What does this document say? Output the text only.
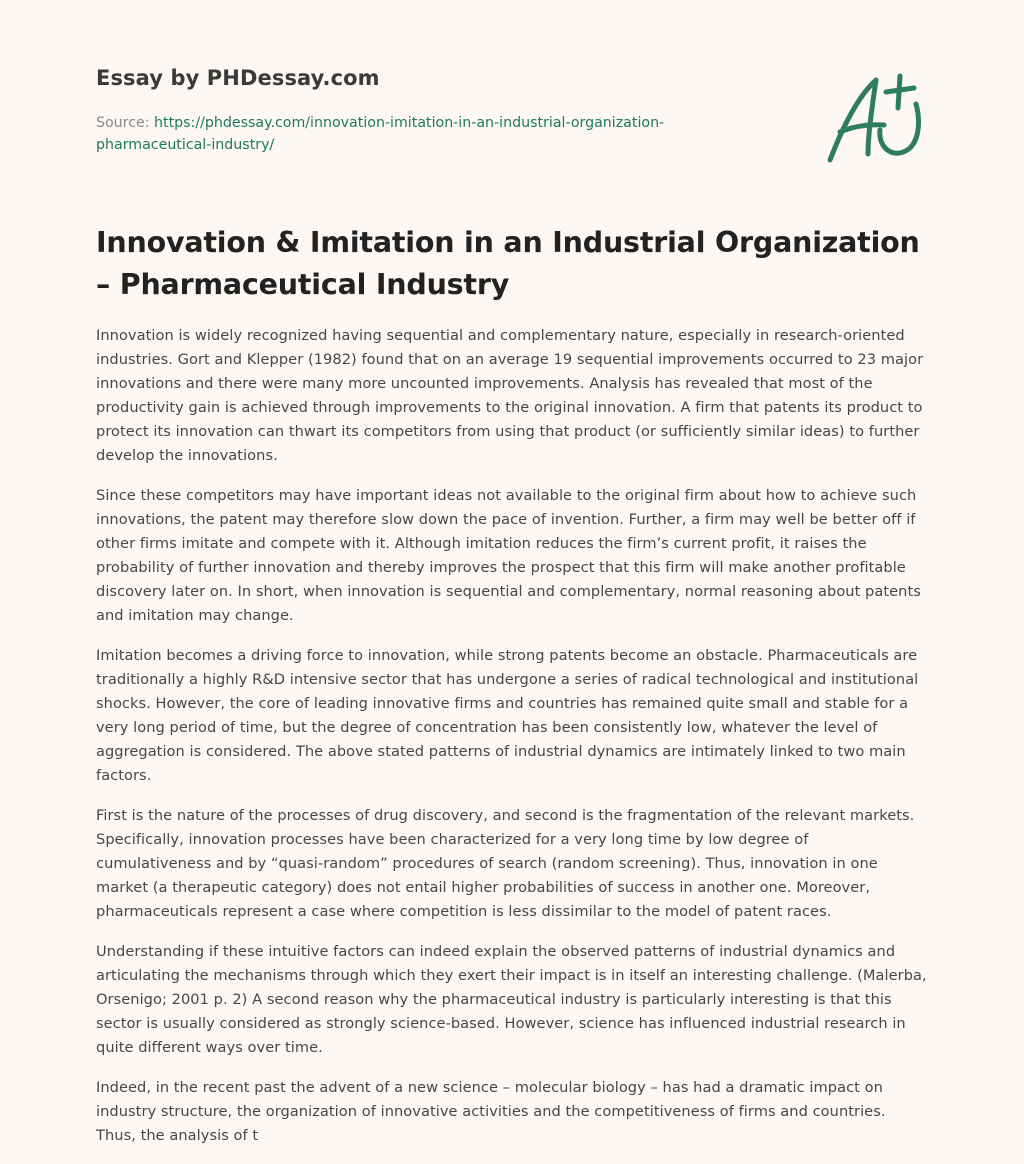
Essay by PHDessay.com
Source: https://phdessay.com/innovation-imitation-in-an-industrial-organization-pharmaceutical-industry/
Innovation & Imitation in an Industrial Organization – Pharmaceutical Industry

Innovation is widely recognized having sequential and complementary nature, especially in research-oriented industries. Gort and Klepper (1982) found that on an average 19 sequential improvements occurred to 23 major innovations and there were many more uncounted improvements. Analysis has revealed that most of the productivity gain is achieved through improvements to the original innovation. A firm that patents its product to protect its innovation can thwart its competitors from using that product (or sufficiently similar ideas) to further develop the innovations.

Since these competitors may have important ideas not available to the original firm about how to achieve such innovations, the patent may therefore slow down the pace of invention. Further, a firm may well be better off if other firms imitate and compete with it. Although imitation reduces the firm’s current profit, it raises the probability of further innovation and thereby improves the prospect that this firm will make another profitable discovery later on. In short, when innovation is sequential and complementary, normal reasoning about patents and imitation may change.

Imitation becomes a driving force to innovation, while strong patents become an obstacle. Pharmaceuticals are traditionally a highly R&D intensive sector that has undergone a series of radical technological and institutional shocks. However, the core of leading innovative firms and countries has remained quite small and stable for a very long period of time, but the degree of concentration has been consistently low, whatever the level of aggregation is considered. The above stated patterns of industrial dynamics are intimately linked to two main factors.

First is the nature of the processes of drug discovery, and second is the fragmentation of the relevant markets. Specifically, innovation processes have been characterized for a very long time by low degree of cumulativeness and by “quasi-random” procedures of search (random screening). Thus, innovation in one market (a therapeutic category) does not entail higher probabilities of success in another one. Moreover, pharmaceuticals represent a case where competition is less dissimilar to the model of patent races.

Understanding if these intuitive factors can indeed explain the observed patterns of industrial dynamics and articulating the mechanisms through which they exert their impact is in itself an interesting challenge. (Malerba, Orsenigo; 2001 p. 2) A second reason why the pharmaceutical industry is particularly interesting is that this sector is usually considered as strongly science-based. However, science has influenced industrial research in quite different ways over time.

Indeed, in the recent past the advent of a new science – molecular biology – has had a dramatic impact on industry structure, the organization of innovative activities and the competitiveness of firms and countries. Thus, the analysis of t
